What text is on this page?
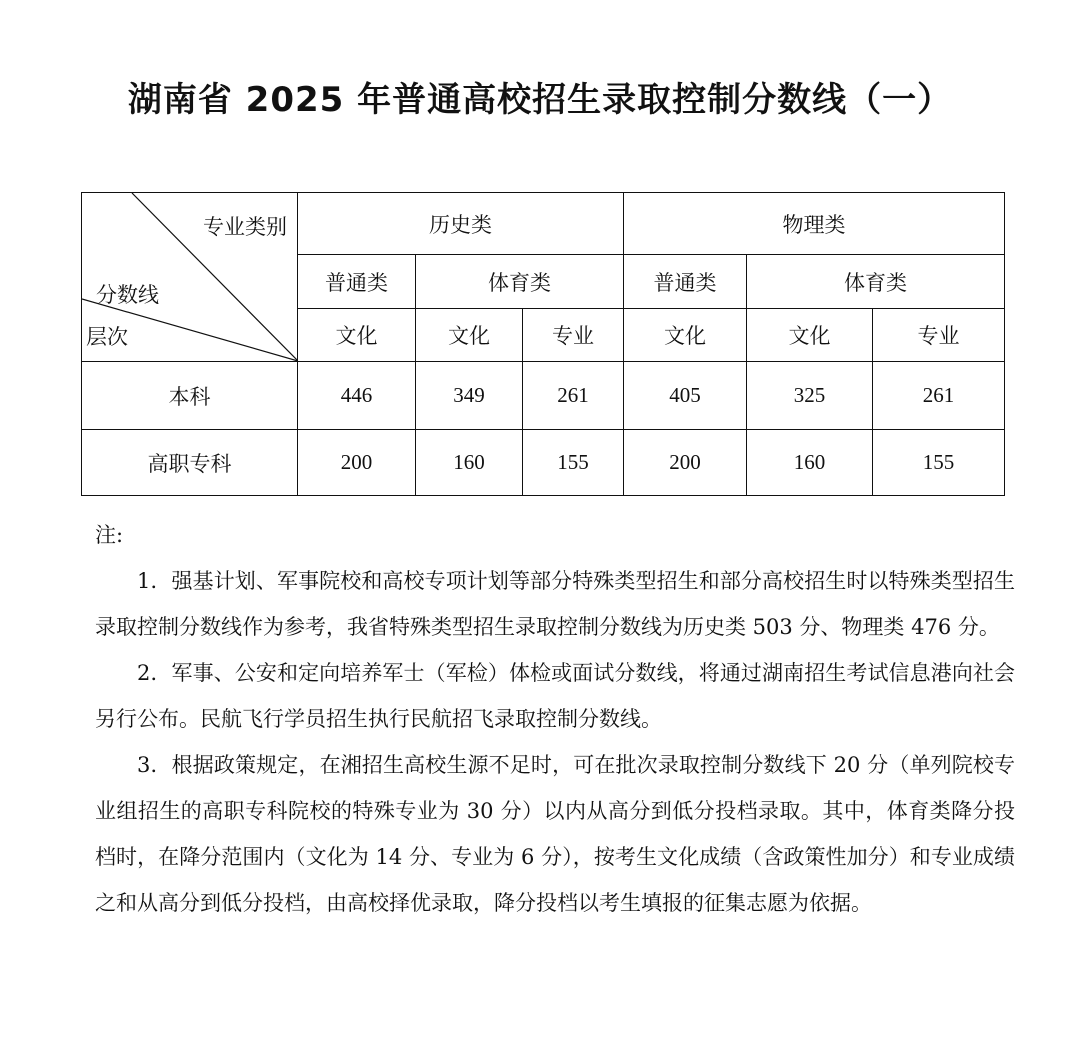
湖南省 2025 年普通高校招生录取控制分数线（一）
专业类别
分数线
层次	历史类			物理类		
	普通类	体育类		普通类	体育类	
	文化	文化	专业	文化	文化	专业
本科	446	349	261	405	325	261
高职专科	200	160	155	200	160	155

注:

1．强基计划、军事院校和高校专项计划等部分特殊类型招生和部分高校招生时以特殊类型招生录取控制分数线作为参考，我省特殊类型招生录取控制分数线为历史类 503 分、物理类 476 分。

2．军事、公安和定向培养军士（军检）体检或面试分数线，将通过湖南招生考试信息港向社会另行公布。民航飞行学员招生执行民航招飞录取控制分数线。

3．根据政策规定，在湘招生高校生源不足时，可在批次录取控制分数线下 20 分（单列院校专业组招生的高职专科院校的特殊专业为 30 分）以内从高分到低分投档录取。其中，体育类降分投档时，在降分范围内（文化为 14 分、专业为 6 分），按考生文化成绩（含政策性加分）和专业成绩之和从高分到低分投档，由高校择优录取，降分投档以考生填报的征集志愿为依据。
